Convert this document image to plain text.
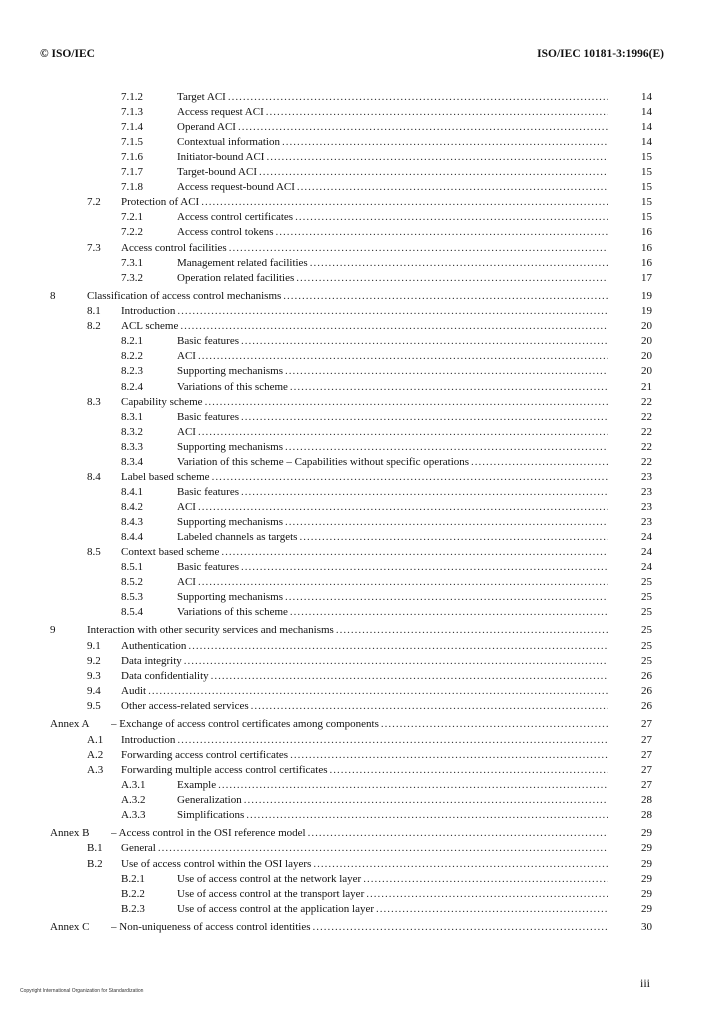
© ISO/IEC	ISO/IEC 10181-3:1996(E)
7.1.2	Target ACI .....	14
7.1.3	Access request ACI .....	14
7.1.4	Operand ACI .....	14
7.1.5	Contextual information .....	14
7.1.6	Initiator-bound ACI .....	15
7.1.7	Target-bound ACI .....	15
7.1.8	Access request-bound ACI .....	15
7.2 Protection of ACI .....	15
7.2.1	Access control certificates .....	15
7.2.2	Access control tokens .....	16
7.3 Access control facilities .....	16
7.3.1	Management related facilities .....	16
7.3.2	Operation related facilities .....	17
8	Classification of access control mechanisms .....	19
8.1 Introduction .....	19
8.2 ACL scheme .....	20
8.2.1	Basic features .....	20
8.2.2	ACI .....	20
8.2.3	Supporting mechanisms .....	20
8.2.4	Variations of this scheme .....	21
8.3 Capability scheme .....	22
8.3.1	Basic features .....	22
8.3.2	ACI .....	22
8.3.3	Supporting mechanisms .....	22
8.3.4	Variation of this scheme – Capabilities without specific operations .....	22
8.4 Label based scheme .....	23
8.4.1	Basic features .....	23
8.4.2	ACI .....	23
8.4.3	Supporting mechanisms .....	23
8.4.4	Labeled channels as targets .....	24
8.5 Context based scheme .....	24
8.5.1	Basic features .....	24
8.5.2	ACI .....	25
8.5.3	Supporting mechanisms .....	25
8.5.4	Variations of this scheme .....	25
9	Interaction with other security services and mechanisms .....	25
9.1 Authentication .....	25
9.2 Data integrity .....	25
9.3 Data confidentiality .....	26
9.4 Audit .....	26
9.5 Other access-related services .....	26
Annex A – Exchange of access control certificates among components .....	27
A.1 Introduction .....	27
A.2 Forwarding access control certificates .....	27
A.3 Forwarding multiple access control certificates .....	27
A.3.1	Example .....	27
A.3.2	Generalization .....	28
A.3.3	Simplifications .....	28
Annex B – Access control in the OSI reference model .....	29
B.1 General .....	29
B.2 Use of access control within the OSI layers .....	29
B.2.1	Use of access control at the network layer .....	29
B.2.2	Use of access control at the transport layer .....	29
B.2.3	Use of access control at the application layer .....	29
Annex C – Non-uniqueness of access control identities .....	30
iii
Copyright International Organization for Standardization
